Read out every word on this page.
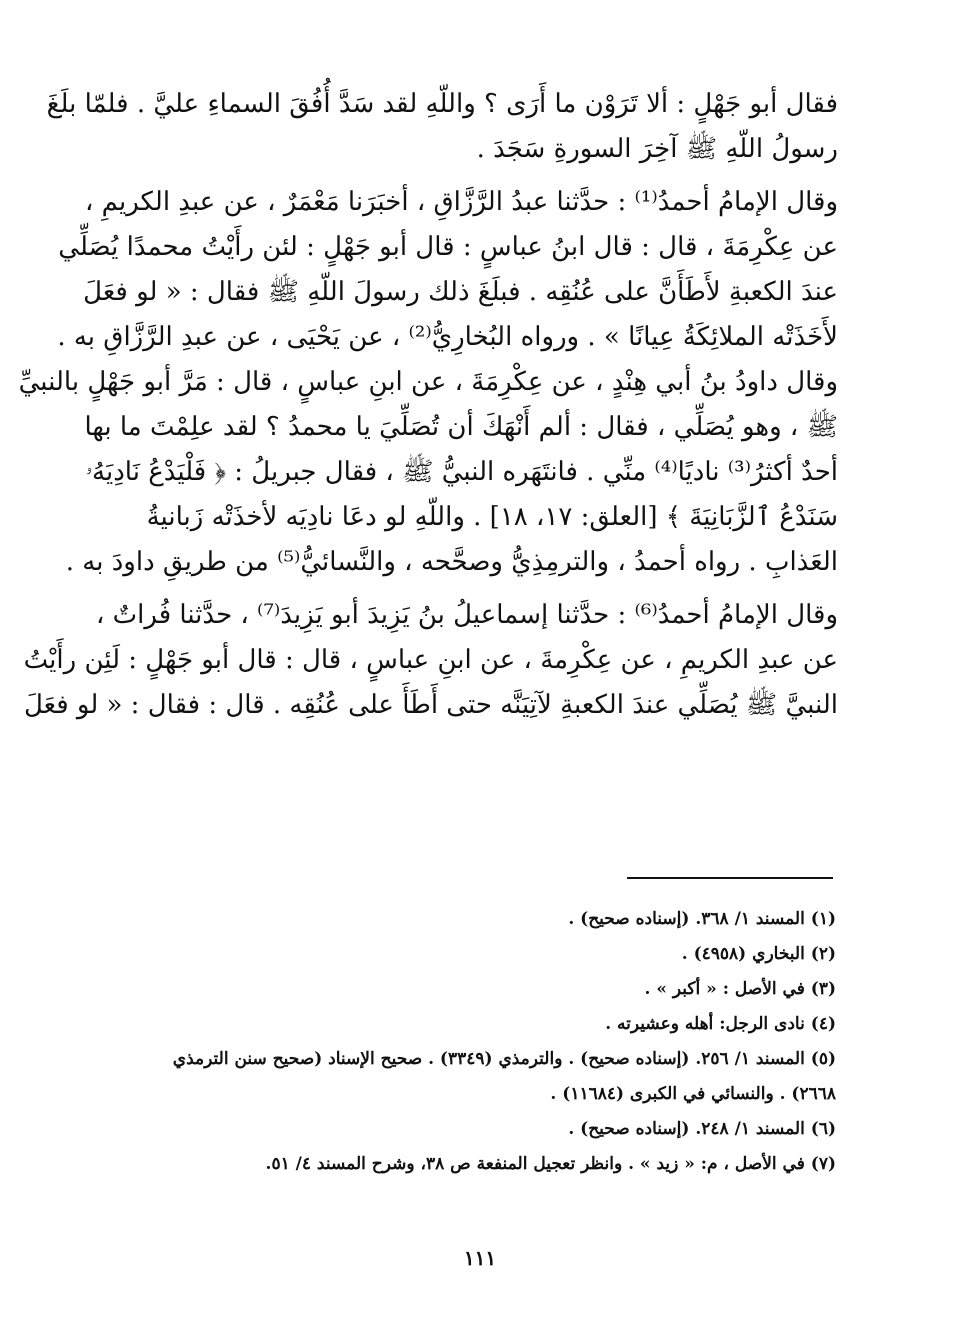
فقال أبو جَهْلٍ : ألا تَرَوْن ما أَرَى ؟ واللّهِ لقد سَدَّ أُفُقَ السماءِ عليَّ . فلمّا بلَغَ
رسولُ اللّهِ ﷺ آخِرَ السورةِ سَجَدَ .
وقال الإمامُ أحمدُ⁽¹⁾ : حدَّثنا عبدُ الرَّزَّاقِ ، أخبَرَنا مَعْمَرٌ ، عن عبدِ الكريمِ ،
عن عِكْرِمَةَ ، قال : قال ابنُ عباسٍ : قال أبو جَهْلٍ : لئن رأَيْتُ محمدًا يُصَلِّي
عندَ الكعبةِ لأَطَأَنَّ على عُنُقِه . فبلَغَ ذلك رسولَ اللّهِ ﷺ فقال : « لو فعَلَ
لأَخَذَتْه الملائِكَةُ عِيانًا » . ورواه البُخارِيُّ⁽²⁾ ، عن يَحْيَى ، عن عبدِ الرَّزَّاقِ به .
وقال داودُ بنُ أبي هِنْدٍ ، عن عِكْرِمَةَ ، عن ابنِ عباسٍ ، قال : مَرَّ أبو جَهْلٍ بالنبيِّ
ﷺ ، وهو يُصَلِّي ، فقال : ألم أَنْهَكَ أن تُصَلِّيَ يا محمدُ ؟ لقد علِمْتَ ما بها
أحدٌ أكثرُ⁽³⁾ ناديًا⁽⁴⁾ منِّي . فانتَهَره النبيُّ ﷺ ، فقال جبريلُ : ﴿ فَلْيَدْعُ نَادِيَهُۥ
سَنَدْعُ ٱلزَّبَانِيَةَ ﴾ [العلق: ١٧، ١٨] . واللّهِ لو دعَا نادِيَه لأخذَتْه زَبانيةُ
العَذابِ . رواه أحمدُ ، والترمِذِيُّ وصحَّحه ، والنَّسائيُّ⁽⁵⁾ من طريقِ داودَ به .
وقال الإمامُ أحمدُ⁽⁶⁾ : حدَّثنا إسماعيلُ بنُ يَزِيدَ أبو يَزِيدَ⁽⁷⁾ ، حدَّثنا فُراتٌ ،
عن عبدِ الكريمِ ، عن عِكْرِمةَ ، عن ابنِ عباسٍ ، قال : قال أبو جَهْلٍ : لَئِن رأَيْتُ
النبيَّ ﷺ يُصَلِّي عندَ الكعبةِ لآتِيَنَّه حتى أَطَأَ على عُنُقِه . قال : فقال : « لو فعَلَ
(١) المسند ١/ ٣٦٨. (إسناده صحيح) .
(٢) البخاري (٤٩٥٨) .
(٣) في الأصل : « أكبر » .
(٤) نادى الرجل: أهله وعشيرته .
(٥) المسند ١/ ٢٥٦. (إسناده صحيح) . والترمذي (٣٣٤٩) . صحيح الإسناد (صحيح سنن الترمذي
٢٦٦٨) . والنسائي في الكبرى (١١٦٨٤) .
(٦) المسند ١/ ٢٤٨. (إسناده صحيح) .
(٧) في الأصل ، م: « زيد » . وانظر تعجيل المنفعة ص ٣٨، وشرح المسند ٤/ ٥١.
١١١
